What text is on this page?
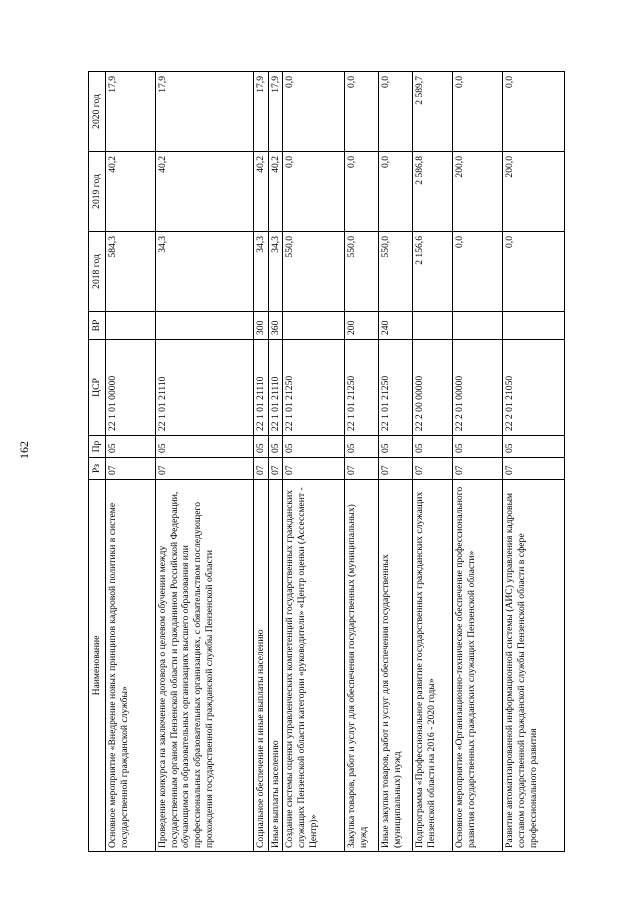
162
Наименование	Рз	Пр	ЦСР	ВР	2018 год	2019 год	2020 год
Основное мероприятие «Внедрение новых принципов кадровой политики в системе государственной гражданской службы»	07	05	22 1 01 00000		584,3	40,2	17,9
Проведение конкурса на заключение договора о целевом обучении между государственным органом Пензенской области и гражданином Российской Федерации, обучающимся в образовательных организациях высшего образования или профессиональных образовательных организациях, с обязательством последующего прохождения государственной гражданской службы Пензенской области	07	05	22 1 01 21110		34,3	40,2	17,9
Социальное обеспечение и иные выплаты населению	07	05	22 1 01 21110	300	34,3	40,2	17,9
Иные выплаты населению	07	05	22 1 01 21110	360	34,3	40,2	17,9
Создание системы оценки управленческих компетенций государственных гражданских служащих Пензенской области категории «руководители» «Центр оценки (Ассессмент - Центр)»	07	05	22 1 01 21250		550,0	0,0	0,0
Закупка товаров, работ и услуг для обеспечения государственных (муниципальных) нужд	07	05	22 1 01 21250	200	550,0	0,0	0,0
Иные закупки товаров, работ и услуг для обеспечения государственных (муниципальных) нужд	07	05	22 1 01 21250	240	550,0	0,0	0,0
Подпрограмма «Профессиональное развитие государственных гражданских служащих Пензенской области на 2016 - 2020 годы»	07	05	22 2 00 00000		2 156,6	2 586,8	2 589,7
Основное мероприятие «Организационно-техническое обеспечение профессионального развития государственных гражданских служащих Пензенской области»	07	05	22 2 01 00000		0,0	200,0	0,0
Развитие автоматизированной информационной системы (АИС) управления кадровым составом государственной гражданской службы Пензенской области в сфере профессионального развития	07	05	22 2 01 21050		0,0	200,0	0,0
